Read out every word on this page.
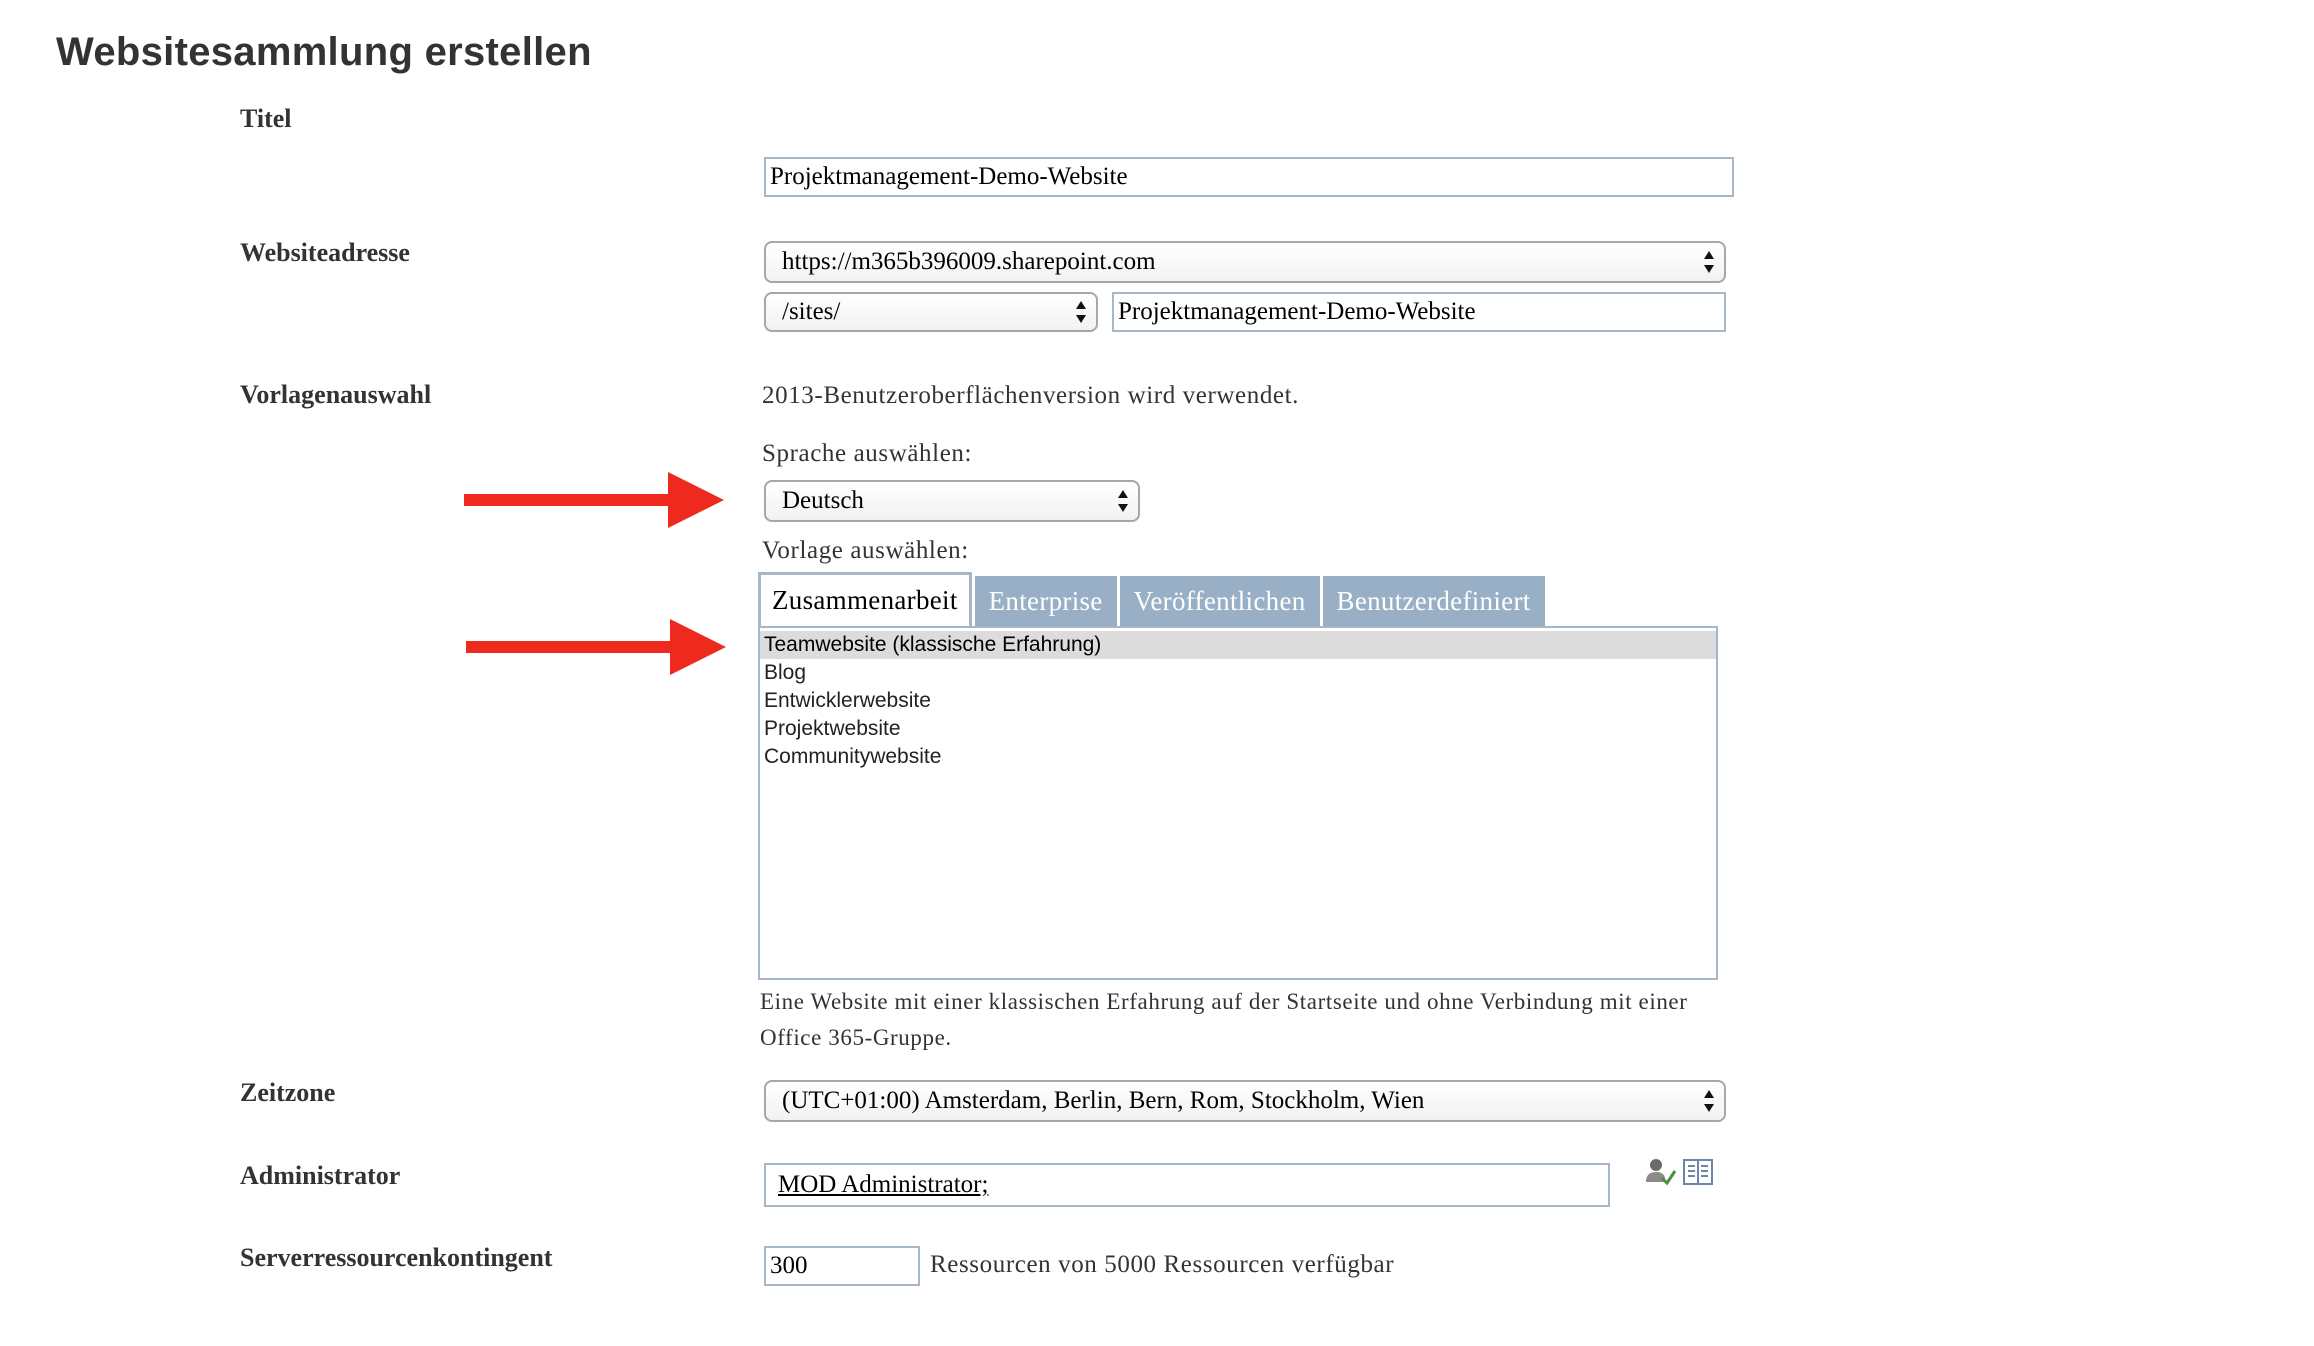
Websitesammlung erstellen
Titel
Projektmanagement-Demo-Website
Websiteadresse	https://m365b396009.sharepoint.com
/sites/	Projektmanagement-Demo-Website
Vorlagenauswahl	2013-Benutzeroberflächenversion wird verwendet.
Sprache auswählen:
Deutsch
Vorlage auswählen:
Zusammenarbeit	Enterprise	Veröffentlichen	Benutzerdefiniert
Teamwebsite (klassische Erfahrung)
Blog
Entwicklerwebsite
Projektwebsite
Communitywebsite
Eine Website mit einer klassischen Erfahrung auf der Startseite und ohne Verbindung mit einer Office 365-Gruppe.
Zeitzone	(UTC+01:00) Amsterdam, Berlin, Bern, Rom, Stockholm, Wien
Administrator	MOD Administrator;
Serverressourcenkontingent	300	Ressourcen von 5000 Ressourcen verfügbar
